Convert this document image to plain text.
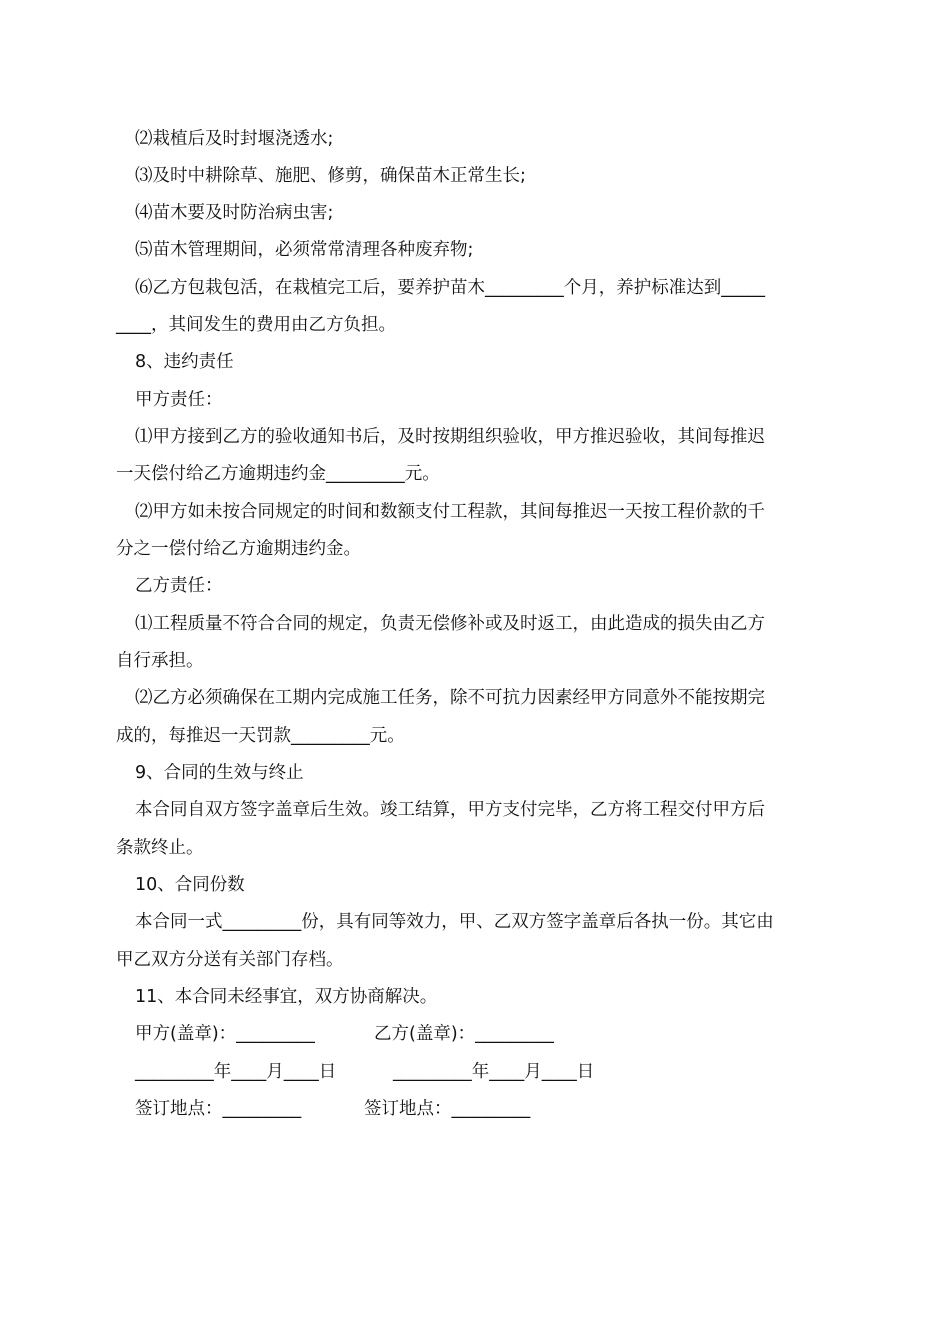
⑵栽植后及时封堰浇透水;
⑶及时中耕除草、施肥、修剪，确保苗木正常生长;
⑷苗木要及时防治病虫害;
⑸苗木管理期间，必须常常清理各种废弃物;
⑹乙方包栽包活，在栽植完工后，要养护苗木_________个月，养护标准达到_____
____，其间发生的费用由乙方负担。
8、违约责任
甲方责任：
⑴甲方接到乙方的验收通知书后，及时按期组织验收，甲方推迟验收，其间每推迟
一天偿付给乙方逾期违约金_________元。
⑵甲方如未按合同规定的时间和数额支付工程款，其间每推迟一天按工程价款的千
分之一偿付给乙方逾期违约金。
乙方责任：
⑴工程质量不符合合同的规定，负责无偿修补或及时返工，由此造成的损失由乙方
自行承担。
⑵乙方必须确保在工期内完成施工任务，除不可抗力因素经甲方同意外不能按期完
成的，每推迟一天罚款_________元。
9、合同的生效与终止
本合同自双方签字盖章后生效。竣工结算，甲方支付完毕，乙方将工程交付甲方后
条款终止。
10、合同份数
本合同一式_________份，具有同等效力，甲、乙双方签字盖章后各执一份。其它由
甲乙双方分送有关部门存档。
11、本合同未经事宜，双方协商解决。
甲方(盖章)：_________	乙方(盖章)：_________
_________年____月____日	_________年____月____日
签订地点：_________	签订地点：_________
